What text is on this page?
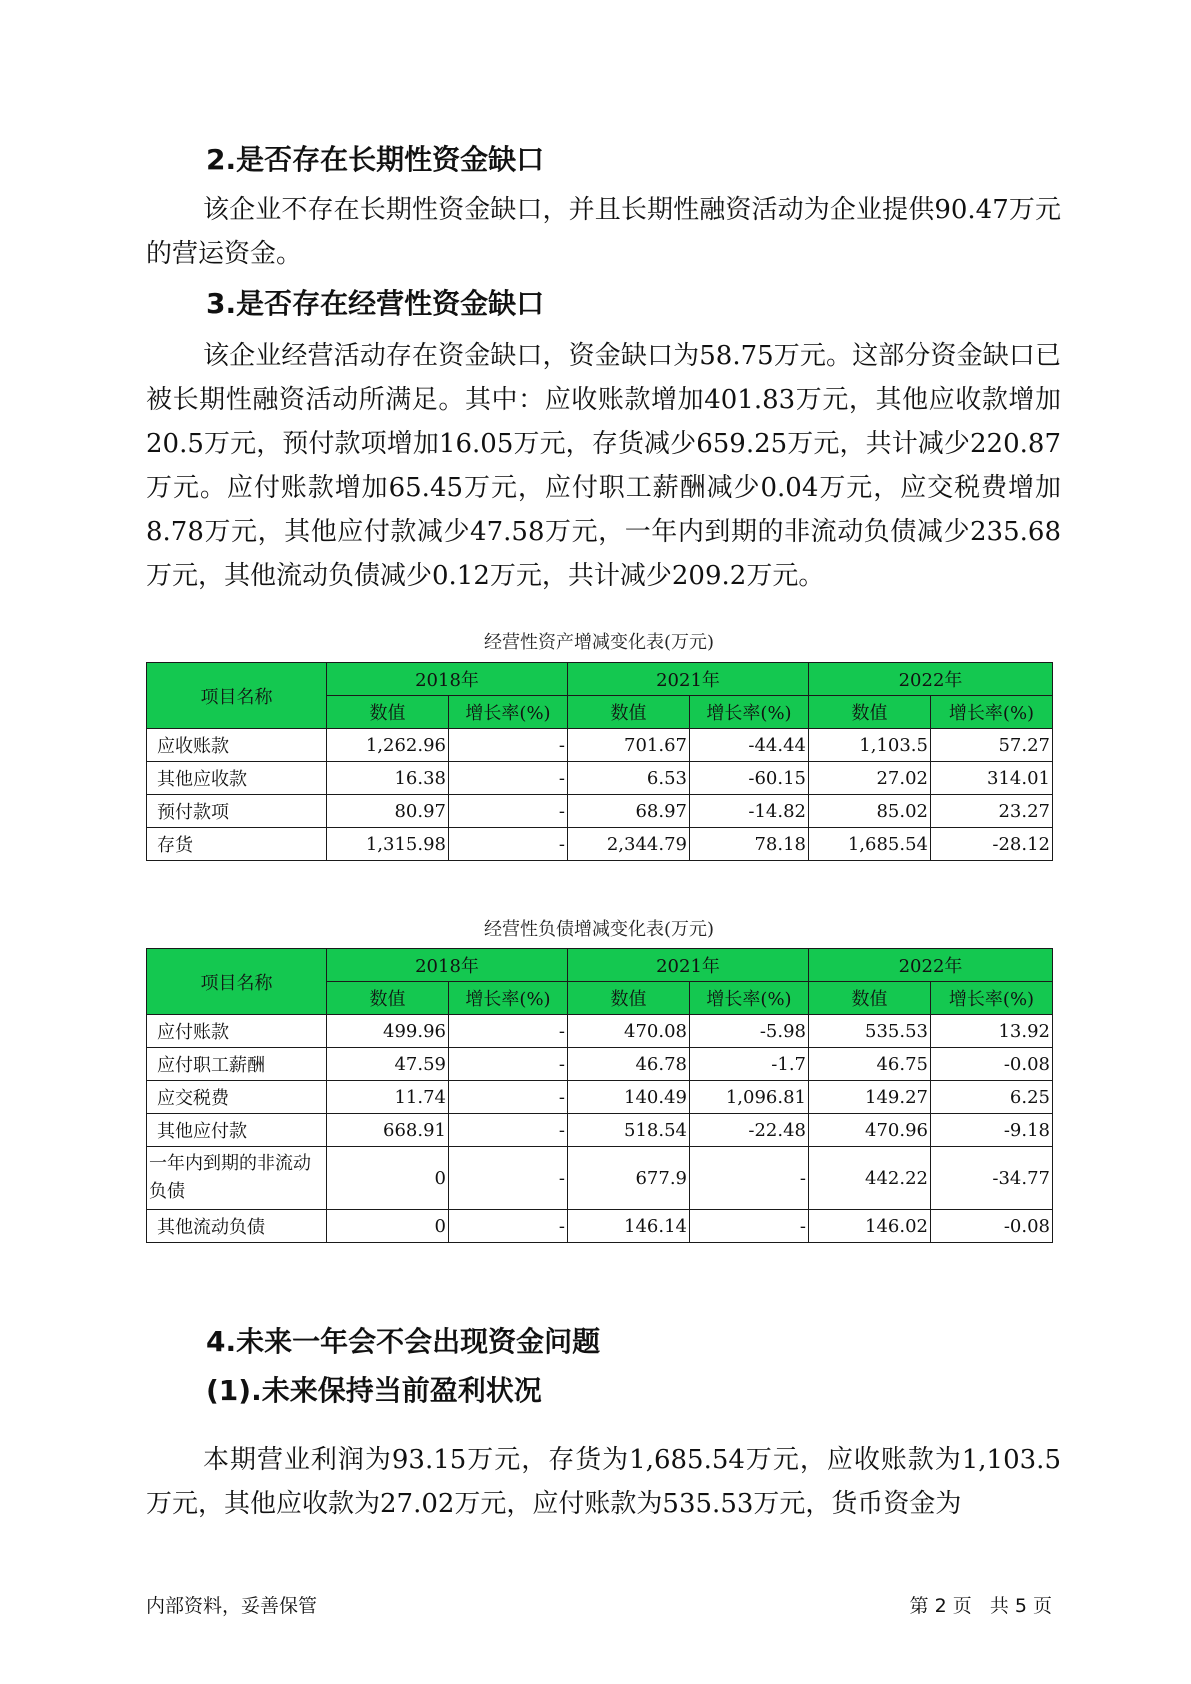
2.是否存在长期性资金缺口

该企业不存在长期性资金缺口，并且长期性融资活动为企业提供90.47万元的营运资金。

3.是否存在经营性资金缺口

该企业经营活动存在资金缺口，资金缺口为58.75万元。这部分资金缺口已被长期性融资活动所满足。其中：应收账款增加401.83万元，其他应收款增加20.5万元，预付款项增加16.05万元，存货减少659.25万元，共计减少220.87万元。应付账款增加65.45万元，应付职工薪酬减少0.04万元，应交税费增加8.78万元，其他应付款减少47.58万元，一年内到期的非流动负债减少235.68万元，其他流动负债减少0.12万元，共计减少209.2万元。

经营性资产增减变化表(万元)
项目名称	2018年		2021年		2022年	
	数值	增长率(%)	数值	增长率(%)	数值	增长率(%)
应收账款	1,262.96	-	701.67	-44.44	1,103.5	57.27
其他应收款	16.38	-	6.53	-60.15	27.02	314.01
预付款项	80.97	-	68.97	-14.82	85.02	23.27
存货	1,315.98	-	2,344.79	78.18	1,685.54	-28.12
经营性负债增减变化表(万元)
项目名称	2018年		2021年		2022年	
	数值	增长率(%)	数值	增长率(%)	数值	增长率(%)
应付账款	499.96	-	470.08	-5.98	535.53	13.92
应付职工薪酬	47.59	-	46.78	-1.7	46.75	-0.08
应交税费	11.74	-	140.49	1,096.81	149.27	6.25
其他应付款	668.91	-	518.54	-22.48	470.96	-9.18
一年内到期的非流动负债	0	-	677.9	-	442.22	-34.77
其他流动负债	0	-	146.14	-	146.02	-0.08
4.未来一年会不会出现资金问题
(1).未来保持当前盈利状况

本期营业利润为93.15万元，存货为1,685.54万元，应收账款为1,103.5万元，其他应收款为27.02万元，应付账款为535.53万元，货币资金为

内部资料，妥善保管	第 2 页   共 5 页
